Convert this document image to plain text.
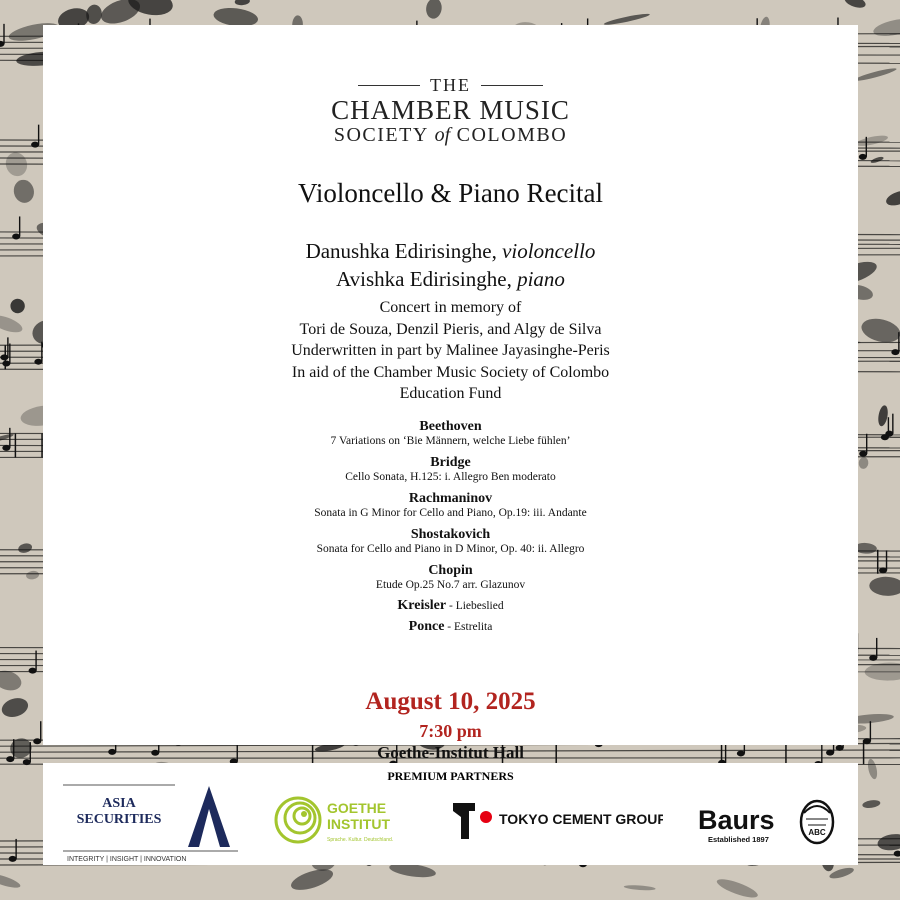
THE
CHAMBER MUSIC
SOCIETY of COLOMBO
Violoncello & Piano Recital
Danushka Edirisinghe, violoncello
Avishka Edirisinghe, piano
Concert in memory of
Tori de Souza, Denzil Pieris, and Algy de Silva
Underwritten in part by Malinee Jayasinghe-Peris
In aid of the Chamber Music Society of Colombo
Education Fund
Beethoven
7 Variations on ‘Bie Männern, welche Liebe fühlen’
Bridge
Cello Sonata, H.125: i. Allegro Ben moderato
Rachmaninov
Sonata in G Minor for Cello and Piano, Op.19: iii. Andante
Shostakovich
Sonata for Cello and Piano in D Minor, Op. 40: ii. Allegro
Chopin
Etude Op.25 No.7 arr. Glazunov
Kreisler - Liebeslied
Ponce - Estrelita
August 10, 2025
7:30 pm
Goethe-Institut Hall
PREMIUM PARTNERS
ASIA
SECURITIES
INTEGRITY | INSIGHT | INNOVATION
GOETHE
INSTITUT
Sprache. Kultur. Deutschland.
TOKYO CEMENT GROUP Baurs
Established 1897
ABC
